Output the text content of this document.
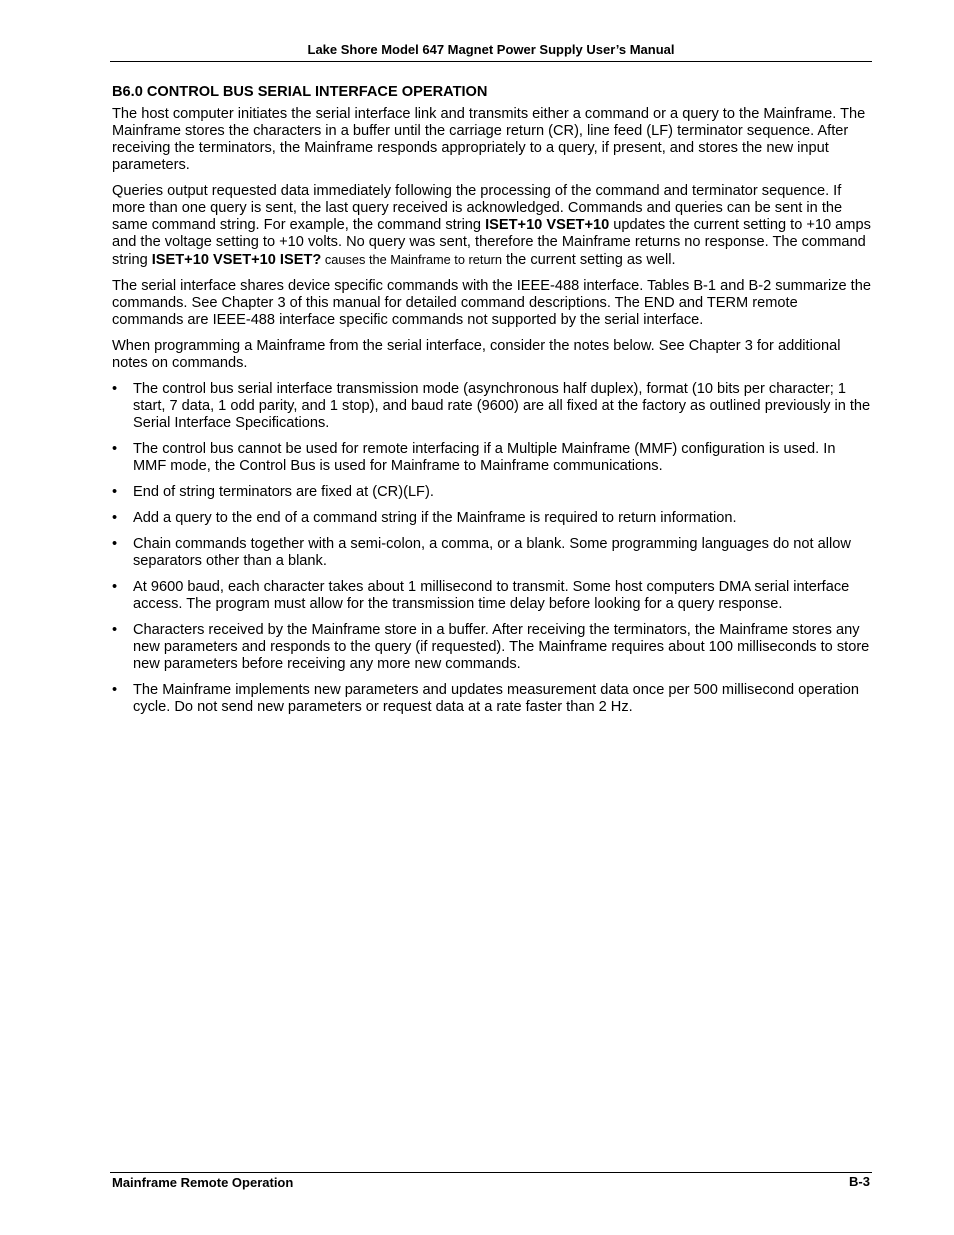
Lake Shore Model 647 Magnet Power Supply User’s Manual
B6.0 CONTROL BUS SERIAL INTERFACE OPERATION

The host computer initiates the serial interface link and transmits either a command or a query to the Mainframe. The Mainframe stores the characters in a buffer until the carriage return (CR), line feed (LF) terminator sequence. After receiving the terminators, the Mainframe responds appropriately to a query, if present, and stores the new input parameters.

Queries output requested data immediately following the processing of the command and terminator sequence. If more than one query is sent, the last query received is acknowledged. Commands and queries can be sent in the same command string. For example, the command string ISET+10 VSET+10 updates the current setting to +10 amps and the voltage setting to +10 volts. No query was sent, therefore the Mainframe returns no response. The command string ISET+10 VSET+10 ISET? causes the Mainframe to return the current setting as well.

The serial interface shares device specific commands with the IEEE-488 interface. Tables B-1 and B-2 summarize the commands. See Chapter 3 of this manual for detailed command descriptions. The END and TERM remote commands are IEEE-488 interface specific commands not supported by the serial interface.

When programming a Mainframe from the serial interface, consider the notes below. See Chapter 3 for additional notes on commands.

• The control bus serial interface transmission mode (asynchronous half duplex), format (10 bits per character; 1 start, 7 data, 1 odd parity, and 1 stop), and baud rate (9600) are all fixed at the factory as outlined previously in the Serial Interface Specifications.
• The control bus cannot be used for remote interfacing if a Multiple Mainframe (MMF) configuration is used. In MMF mode, the Control Bus is used for Mainframe to Mainframe communications.
• End of string terminators are fixed at (CR)(LF).
• Add a query to the end of a command string if the Mainframe is required to return information.
• Chain commands together with a semi-colon, a comma, or a blank. Some programming languages do not allow separators other than a blank.
• At 9600 baud, each character takes about 1 millisecond to transmit. Some host computers DMA serial interface access. The program must allow for the transmission time delay before looking for a query response.
• Characters received by the Mainframe store in a buffer. After receiving the terminators, the Mainframe stores any new parameters and responds to the query (if requested). The Mainframe requires about 100 milliseconds to store new parameters before receiving any more new commands.
• The Mainframe implements new parameters and updates measurement data once per 500 millisecond operation cycle. Do not send new parameters or request data at a rate faster than 2 Hz.
Mainframe Remote Operation	B-3
